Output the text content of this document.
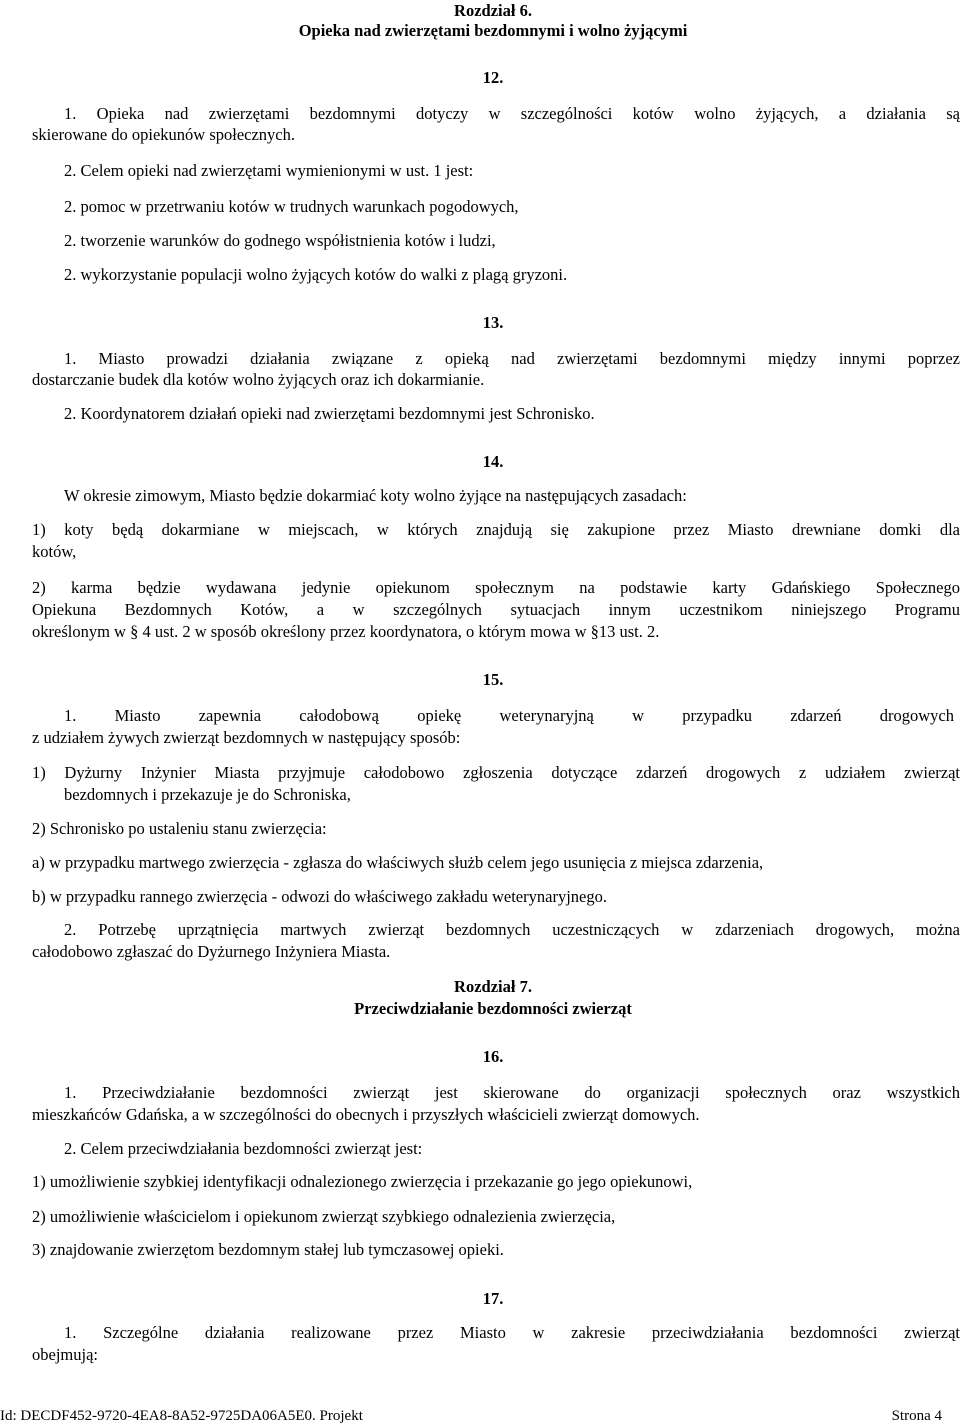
Rozdział 6.
Opieka nad zwierzętami bezdomnymi i wolno żyjącymi
12.
1. Opieka nad zwierzętami bezdomnymi dotyczy w szczególności kotów wolno żyjących, a działania są
skierowane do opiekunów społecznych.
2. Celem opieki nad zwierzętami wymienionymi w ust. 1 jest:
2. pomoc w przetrwaniu kotów w trudnych warunkach pogodowych,
2. tworzenie warunków do godnego współistnienia kotów i ludzi,
2. wykorzystanie populacji wolno żyjących kotów do walki z plagą gryzoni.
13.
1. Miasto prowadzi działania związane z opieką nad zwierzętami bezdomnymi między innymi poprzez
dostarczanie budek dla kotów wolno żyjących oraz ich dokarmianie.
2. Koordynatorem działań opieki nad zwierzętami bezdomnymi jest Schronisko.
14.
W okresie zimowym, Miasto będzie dokarmiać koty wolno żyjące na następujących zasadach:
1) koty będą dokarmiane w miejscach, w których znajdują się zakupione przez Miasto drewniane domki dla
kotów,
2) karma będzie wydawana jedynie opiekunom społecznym na podstawie karty Gdańskiego Społecznego
Opiekuna Bezdomnych Kotów, a w szczególnych sytuacjach innym uczestnikom niniejszego Programu
określonym w § 4 ust. 2 w sposób określony przez koordynatora, o którym mowa w §13 ust. 2.
15.
1. Miasto zapewnia całodobową opiekę weterynaryjną w przypadku zdarzeń drogowych
z udziałem żywych zwierząt bezdomnych w następujący sposób:
1) Dyżurny Inżynier Miasta przyjmuje całodobowo zgłoszenia dotyczące zdarzeń drogowych z udziałem zwierząt
bezdomnych i przekazuje je do Schroniska,
2) Schronisko po ustaleniu stanu zwierzęcia:
a) w przypadku martwego zwierzęcia - zgłasza do właściwych służb celem jego usunięcia z miejsca zdarzenia,
b) w przypadku rannego zwierzęcia - odwozi do właściwego zakładu weterynaryjnego.
2. Potrzebę uprzątnięcia martwych zwierząt bezdomnych uczestniczących w zdarzeniach drogowych, można
całodobowo zgłaszać do Dyżurnego Inżyniera Miasta.
Rozdział 7.
Przeciwdziałanie bezdomności zwierząt
16.
1. Przeciwdziałanie bezdomności zwierząt jest skierowane do organizacji społecznych oraz wszystkich
mieszkańców Gdańska, a w szczególności do obecnych i przyszłych właścicieli zwierząt domowych.
2. Celem przeciwdziałania bezdomności zwierząt jest:
1) umożliwienie szybkiej identyfikacji odnalezionego zwierzęcia i przekazanie go jego opiekunowi,
2) umożliwienie właścicielom i opiekunom zwierząt szybkiego odnalezienia zwierzęcia,
3) znajdowanie zwierzętom bezdomnym stałej lub tymczasowej opieki.
17.
1. Szczególne działania realizowane przez Miasto w zakresie przeciwdziałania bezdomności zwierząt
obejmują:
Id: DECDF452-9720-4EA8-8A52-9725DA06A5E0. Projekt	Strona 4
